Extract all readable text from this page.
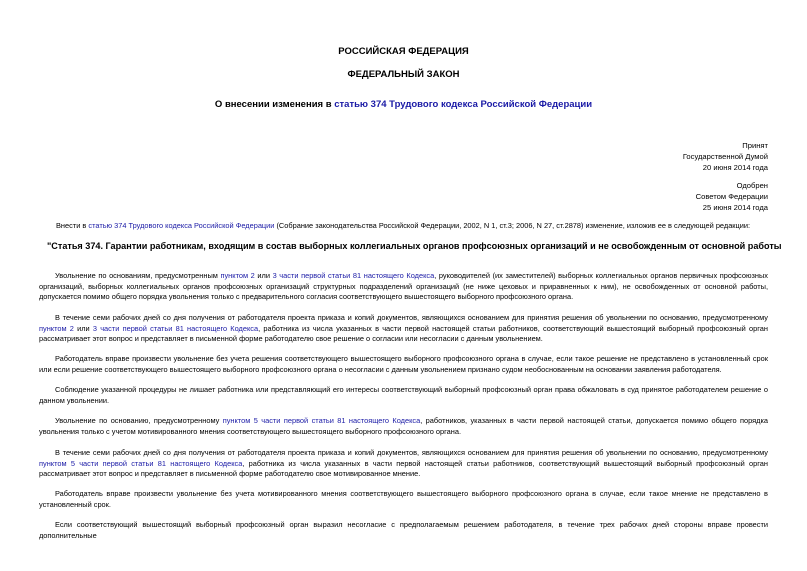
РОССИЙСКАЯ ФЕДЕРАЦИЯ
ФЕДЕРАЛЬНЫЙ ЗАКОН
О внесении изменения в статью 374 Трудового кодекса Российской Федерации
Принят
Государственной Думой
20 июня 2014 года
Одобрен
Советом Федерации
25 июня 2014 года
Внести в статью 374 Трудового кодекса Российской Федерации (Собрание законодательства Российской Федерации, 2002, N 1, ст.3; 2006, N 27, ст.2878) изменение, изложив ее в следующей редакции:
"Статья 374. Гарантии работникам, входящим в состав выборных коллегиальных органов профсоюзных организаций и не освобожденным от основной работы

Увольнение по основаниям, предусмотренным пунктом 2 или 3 части первой статьи 81 настоящего Кодекса, руководителей (их заместителей) выборных коллегиальных органов первичных профсоюзных организаций, выборных коллегиальных органов профсоюзных организаций структурных подразделений организаций (не ниже цеховых и приравненных к ним), не освобожденных от основной работы, допускается помимо общего порядка увольнения только с предварительного согласия соответствующего вышестоящего выборного профсоюзного органа.

В течение семи рабочих дней со дня получения от работодателя проекта приказа и копий документов, являющихся основанием для принятия решения об увольнении по основанию, предусмотренному пунктом 2 или 3 части первой статьи 81 настоящего Кодекса, работника из числа указанных в части первой настоящей статьи работников, соответствующий вышестоящий выборный профсоюзный орган рассматривает этот вопрос и представляет в письменной форме работодателю свое решение о согласии или несогласии с данным увольнением.

Работодатель вправе произвести увольнение без учета решения соответствующего вышестоящего выборного профсоюзного органа в случае, если такое решение не представлено в установленный срок или если решение соответствующего вышестоящего выборного профсоюзного органа о несогласии с данным увольнением признано судом необоснованным на основании заявления работодателя.

Соблюдение указанной процедуры не лишает работника или представляющий его интересы соответствующий выборный профсоюзный орган права обжаловать в суд принятое работодателем решение о данном увольнении.

Увольнение по основанию, предусмотренному пунктом 5 части первой статьи 81 настоящего Кодекса, работников, указанных в части первой настоящей статьи, допускается помимо общего порядка увольнения только с учетом мотивированного мнения соответствующего вышестоящего выборного профсоюзного органа.

В течение семи рабочих дней со дня получения от работодателя проекта приказа и копий документов, являющихся основанием для принятия решения об увольнении по основанию, предусмотренному пунктом 5 части первой статьи 81 настоящего Кодекса, работника из числа указанных в части первой настоящей статьи работников, соответствующий вышестоящий выборный профсоюзный орган рассматривает этот вопрос и представляет в письменной форме работодателю свое мотивированное мнение.

Работодатель вправе произвести увольнение без учета мотивированного мнения соответствующего вышестоящего выборного профсоюзного органа в случае, если такое мнение не представлено в установленный срок.

Если соответствующий вышестоящий выборный профсоюзный орган выразил несогласие с предполагаемым решением работодателя, в течение трех рабочих дней стороны вправе провести дополнительные
